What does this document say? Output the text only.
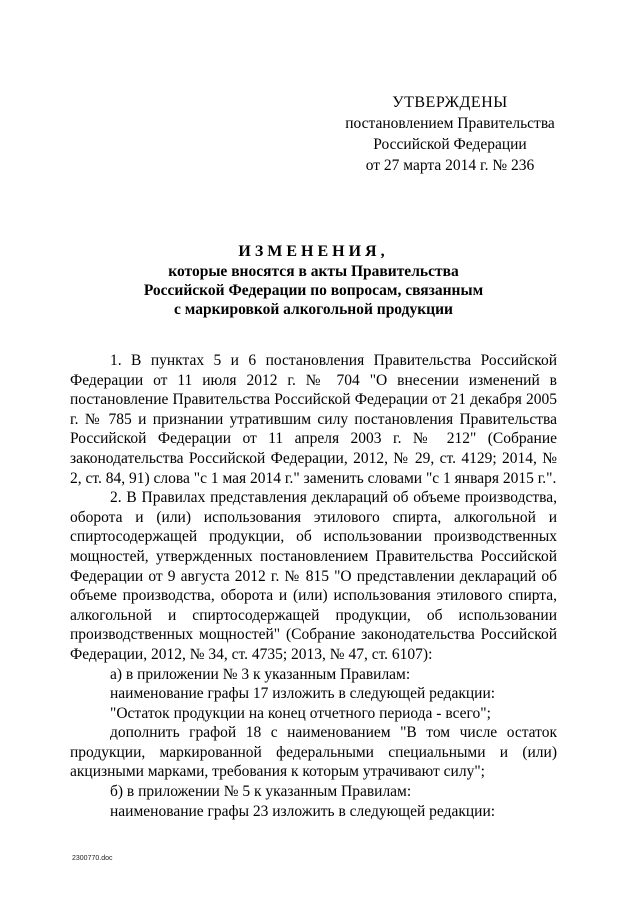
УТВЕРЖДЕНЫ
постановлением Правительства
Российской Федерации
от 27 марта 2014 г. № 236
ИЗМЕНЕНИЯ,
которые вносятся в акты Правительства
Российской Федерации по вопросам, связанным
с маркировкой алкогольной продукции

1. В пунктах 5 и 6 постановления Правительства Российской Федерации от 11 июля 2012 г. № 704 "О внесении изменений в постановление Правительства Российской Федерации от 21 декабря 2005 г. № 785 и признании утратившим силу постановления Правительства Российской Федерации от 11 апреля 2003 г. № 212" (Собрание законодательства Российской Федерации, 2012, № 29, ст. 4129; 2014, № 2, ст. 84, 91) слова "с 1 мая 2014 г." заменить словами "с 1 января 2015 г.".

2. В Правилах представления деклараций об объеме производства, оборота и (или) использования этилового спирта, алкогольной и спиртосодержащей продукции, об использовании производственных мощностей, утвержденных постановлением Правительства Российской Федерации от 9 августа 2012 г. № 815 "О представлении деклараций об объеме производства, оборота и (или) использования этилового спирта, алкогольной и спиртосодержащей продукции, об использовании производственных мощностей" (Собрание законодательства Российской Федерации, 2012, № 34, ст. 4735; 2013, № 47, ст. 6107):

а) в приложении № 3 к указанным Правилам:

наименование графы 17 изложить в следующей редакции:

"Остаток продукции на конец отчетного периода - всего";

дополнить графой 18 с наименованием "В том числе остаток продукции, маркированной федеральными специальными и (или) акцизными марками, требования к которым утрачивают силу";

б) в приложении № 5 к указанным Правилам:

наименование графы 23 изложить в следующей редакции:

2300770.doc
